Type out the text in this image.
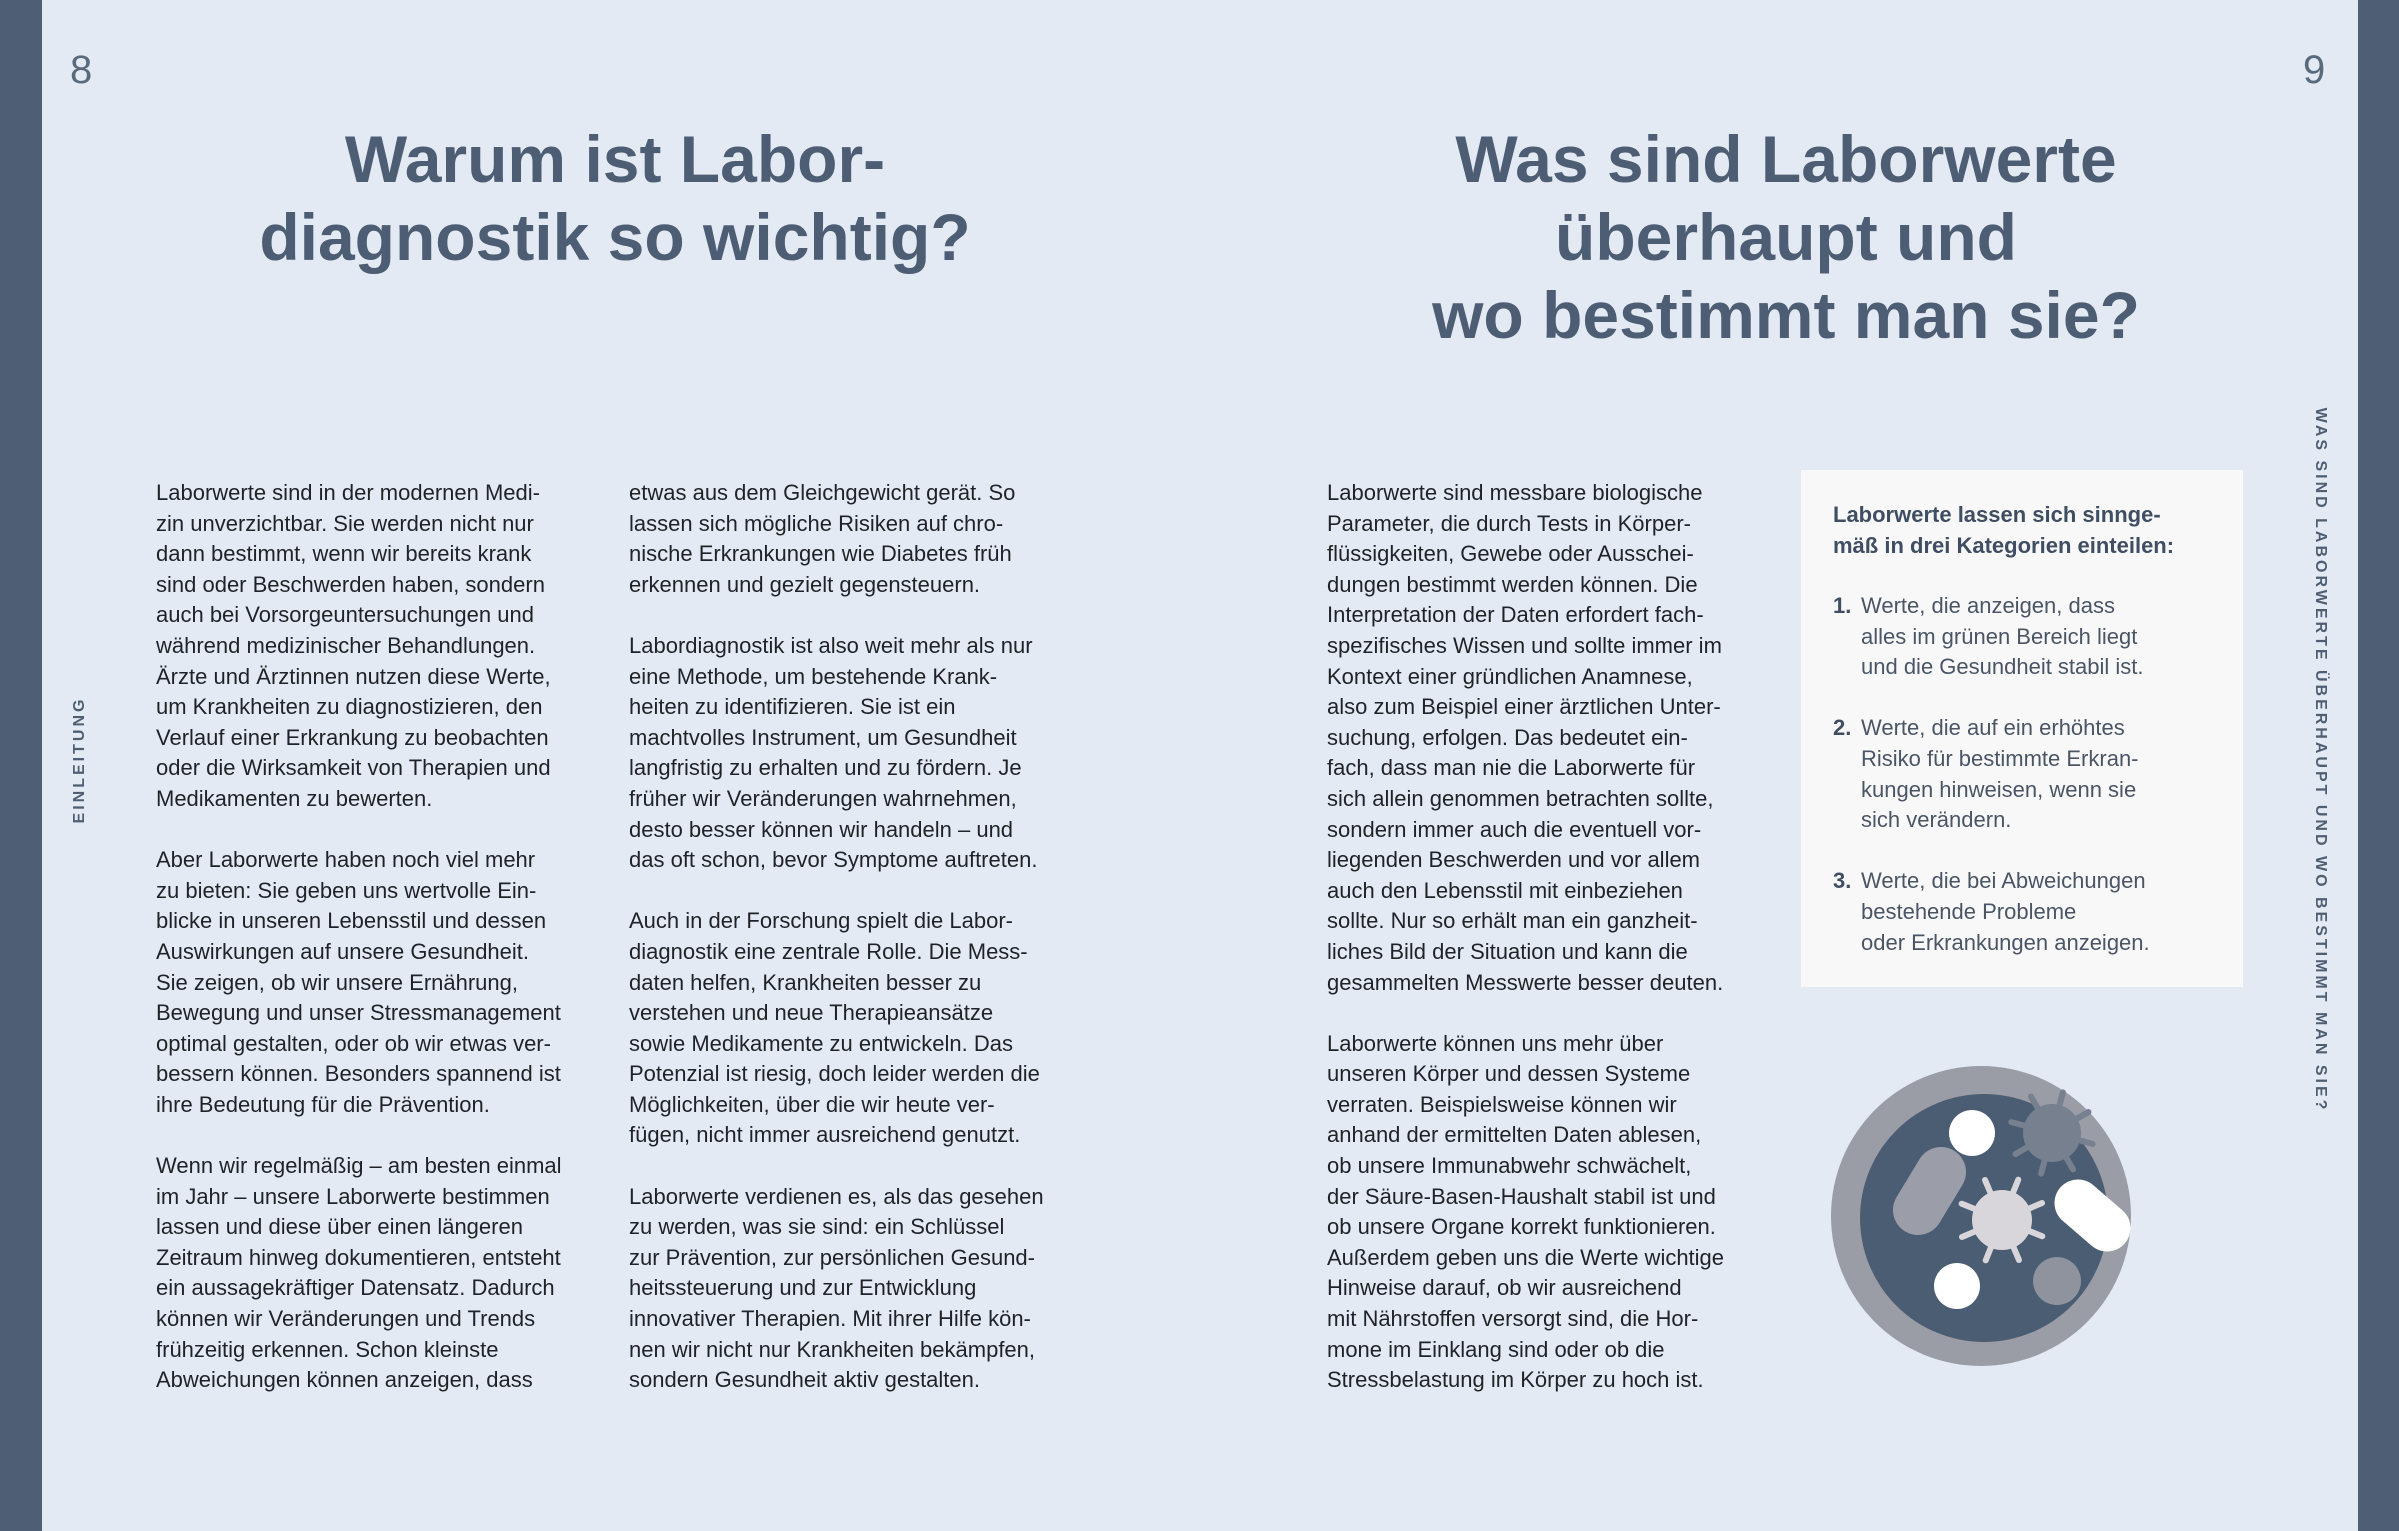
8	9
EINLEITUNG	WAS SIND LABORWERTE ÜBERHAUPT UND WO BESTIMMT MAN SIE?
Warum ist Labor-
diagnostik so wichtig?
Was sind Laborwerte
überhaupt und
wo bestimmt man sie?
Laborwerte sind in der modernen Medi-
zin unverzichtbar. Sie werden nicht nur
dann bestimmt, wenn wir bereits krank
sind oder Beschwerden haben, sondern
auch bei Vorsorgeuntersuchungen und
während medizinischer Behandlungen.
Ärzte und Ärztinnen nutzen diese Werte,
um Krankheiten zu diagnostizieren, den
Verlauf einer Erkrankung zu beobachten
oder die Wirksamkeit von Therapien und
Medikamenten zu bewerten.
Aber Laborwerte haben noch viel mehr
zu bieten: Sie geben uns wertvolle Ein-
blicke in unseren Lebensstil und dessen
Auswirkungen auf unsere Gesundheit.
Sie zeigen, ob wir unsere Ernährung,
Bewegung und unser Stressmanagement
optimal gestalten, oder ob wir etwas ver-
bessern können. Besonders spannend ist
ihre Bedeutung für die Prävention.
Wenn wir regelmäßig – am besten einmal
im Jahr – unsere Laborwerte bestimmen
lassen und diese über einen längeren
Zeitraum hinweg dokumentieren, entsteht
ein aussagekräftiger Datensatz. Dadurch
können wir Veränderungen und Trends
frühzeitig erkennen. Schon kleinste
Abweichungen können anzeigen, dass
etwas aus dem Gleichgewicht gerät. So
lassen sich mögliche Risiken auf chro-
nische Erkrankungen wie Diabetes früh
erkennen und gezielt gegensteuern.
Labordiagnostik ist also weit mehr als nur
eine Methode, um bestehende Krank-
heiten zu identifizieren. Sie ist ein
machtvolles Instrument, um Gesundheit
langfristig zu erhalten und zu fördern. Je
früher wir Veränderungen wahrnehmen,
desto besser können wir handeln – und
das oft schon, bevor Symptome auftreten.
Auch in der Forschung spielt die Labor-
diagnostik eine zentrale Rolle. Die Mess-
daten helfen, Krankheiten besser zu
verstehen und neue Therapieansätze
sowie Medikamente zu entwickeln. Das
Potenzial ist riesig, doch leider werden die
Möglichkeiten, über die wir heute ver-
fügen, nicht immer ausreichend genutzt.
Laborwerte verdienen es, als das gesehen
zu werden, was sie sind: ein Schlüssel
zur Prävention, zur persönlichen Gesund-
heitssteuerung und zur Entwicklung
innovativer Therapien. Mit ihrer Hilfe kön-
nen wir nicht nur Krankheiten bekämpfen,
sondern Gesundheit aktiv gestalten.
Laborwerte sind messbare biologische
Parameter, die durch Tests in Körper-
flüssigkeiten, Gewebe oder Ausschei-
dungen bestimmt werden können. Die
Interpretation der Daten erfordert fach-
spezifisches Wissen und sollte immer im
Kontext einer gründlichen Anamnese,
also zum Beispiel einer ärztlichen Unter-
suchung, erfolgen. Das bedeutet ein-
fach, dass man nie die Laborwerte für
sich allein genommen betrachten sollte,
sondern immer auch die eventuell vor-
liegenden Beschwerden und vor allem
auch den Lebensstil mit einbeziehen
sollte. Nur so erhält man ein ganzheit-
liches Bild der Situation und kann die
gesammelten Messwerte besser deuten.
Laborwerte können uns mehr über
unseren Körper und dessen Systeme
verraten. Beispielsweise können wir
anhand der ermittelten Daten ablesen,
ob unsere Immunabwehr schwächelt,
der Säure-Basen-Haushalt stabil ist und
ob unsere Organe korrekt funktionieren.
Außerdem geben uns die Werte wichtige
Hinweise darauf, ob wir ausreichend
mit Nährstoffen versorgt sind, die Hor-
mone im Einklang sind oder ob die
Stressbelastung im Körper zu hoch ist.
Laborwerte lassen sich sinnge-
mäß in drei Kategorien einteilen:
1. Werte, die anzeigen, dass
alles im grünen Bereich liegt
und die Gesundheit stabil ist.
2. Werte, die auf ein erhöhtes
Risiko für bestimmte Erkran-
kungen hinweisen, wenn sie
sich verändern.
3. Werte, die bei Abweichungen
bestehende Probleme
oder Erkrankungen anzeigen.
